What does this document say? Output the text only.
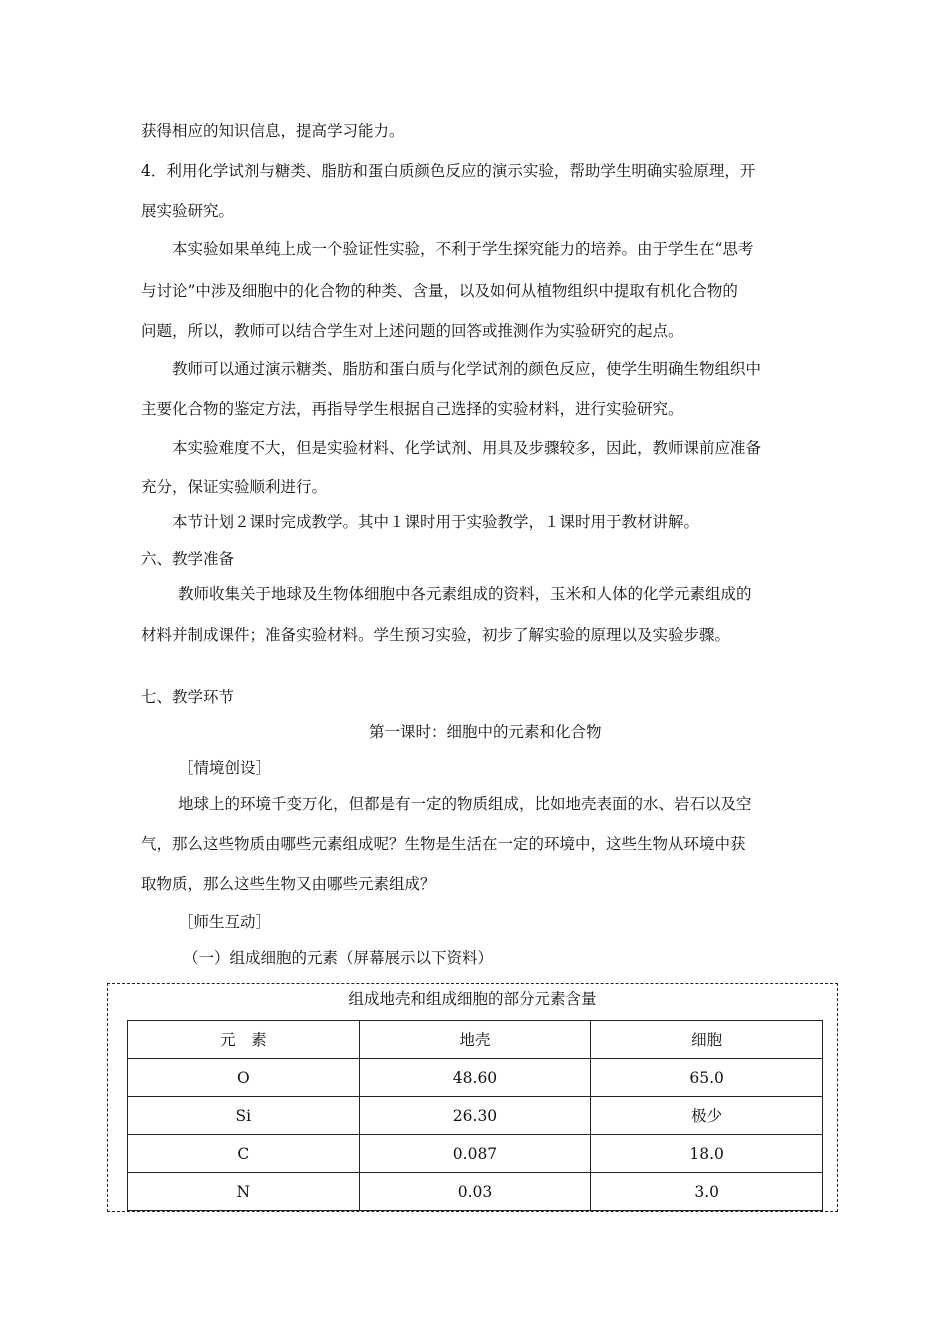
获得相应的知识信息，提高学习能力。
4．利用化学试剂与糖类、脂肪和蛋白质颜色反应的演示实验，帮助学生明确实验原理，开
展实验研究。
本实验如果单纯上成一个验证性实验，不利于学生探究能力的培养。由于学生在“思考
与讨论”中涉及细胞中的化合物的种类、含量，以及如何从植物组织中提取有机化合物的
问题，所以，教师可以结合学生对上述问题的回答或推测作为实验研究的起点。
教师可以通过演示糖类、脂肪和蛋白质与化学试剂的颜色反应，使学生明确生物组织中
主要化合物的鉴定方法，再指导学生根据自己选择的实验材料，进行实验研究。
本实验难度不大，但是实验材料、化学试剂、用具及步骤较多，因此，教师课前应准备
充分，保证实验顺利进行。
本节计划２课时完成教学。其中１课时用于实验教学，１课时用于教材讲解。
六、教学准备
教师收集关于地球及生物体细胞中各元素组成的资料，玉米和人体的化学元素组成的
材料并制成课件；准备实验材料。学生预习实验，初步了解实验的原理以及实验步骤。
七、教学环节
第一课时：细胞中的元素和化合物
［情境创设］
地球上的环境千变万化，但都是有一定的物质组成，比如地壳表面的水、岩石以及空
气，那么这些物质由哪些元素组成呢？生物是生活在一定的环境中，这些生物从环境中获
取物质，那么这些生物又由哪些元素组成？
［师生互动］
（一）组成细胞的元素（屏幕展示以下资料）
组成地壳和组成细胞的部分元素含量
元　素	地壳	细胞
O	48.60	65.0
Si	26.30	极少
C	0.087	18.0
N	0.03	3.0
